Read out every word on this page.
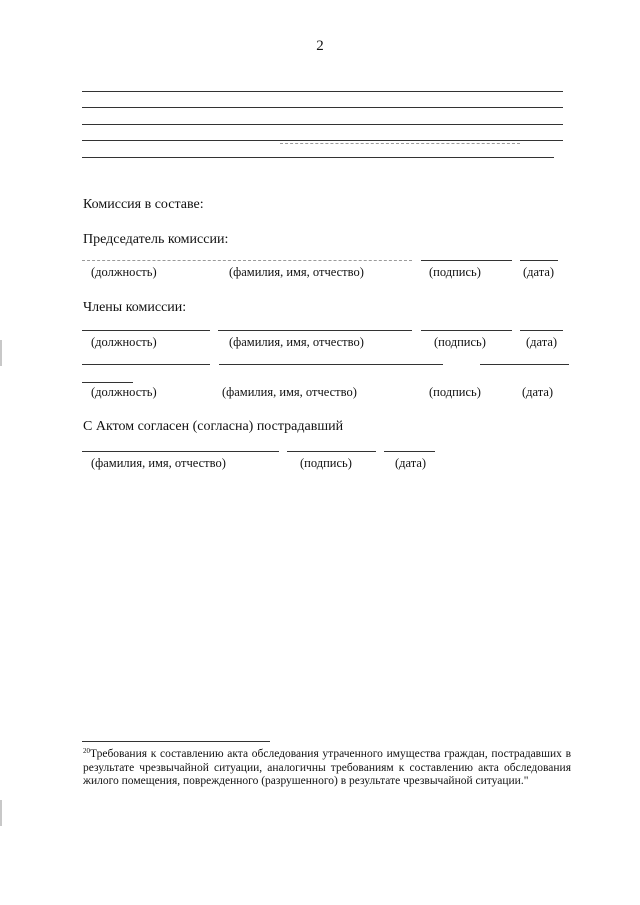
2
Комиссия в составе:
Председатель комиссии:
(должность)	(фамилия, имя, отчество)	(подпись)	(дата)
Члены комиссии:
(должность)	(фамилия, имя, отчество)	(подпись)	(дата)
(должность)	(фамилия, имя, отчество)	(подпись)	(дата)
С Актом согласен (согласна) пострадавший
(фамилия, имя, отчество)	(подпись)	(дата)

$^{20}$Требования к составлению акта обследования утраченного имущества граждан, пострадавших в результате чрезвычайной ситуации, аналогичны требованиям к составлению акта обследования жилого помещения, поврежденного (разрушенного) в результате чрезвычайной ситуации."
